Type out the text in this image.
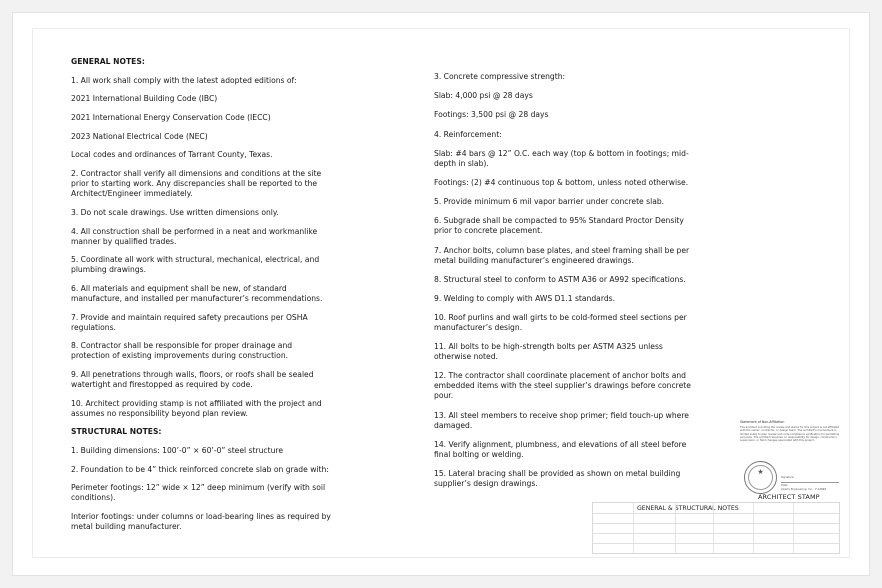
GENERAL NOTES:

1. All work shall comply with the latest adopted editions of:

2021 International Building Code (IBC)

2021 International Energy Conservation Code (IECC)

2023 National Electrical Code (NEC)

Local codes and ordinances of Tarrant County, Texas.

2. Contractor shall verify all dimensions and conditions at the site prior to starting work. Any discrepancies shall be reported to the Architect/Engineer immediately.

3. Do not scale drawings. Use written dimensions only.

4. All construction shall be performed in a neat and workmanlike manner by qualified trades.

5. Coordinate all work with structural, mechanical, electrical, and plumbing drawings.

6. All materials and equipment shall be new, of standard manufacture, and installed per manufacturer’s recommendations.

7. Provide and maintain required safety precautions per OSHA regulations.

8. Contractor shall be responsible for proper drainage and protection of existing improvements during construction.

9. All penetrations through walls, floors, or roofs shall be sealed watertight and firestopped as required by code.

10. Architect providing stamp is not affiliated with the project and assumes no responsibility beyond plan review.

STRUCTURAL NOTES:

1. Building dimensions: 100’-0” × 60’-0” steel structure

2. Foundation to be 4” thick reinforced concrete slab on grade with:

Perimeter footings: 12” wide × 12” deep minimum (verify with soil conditions).

Interior footings: under columns or load-bearing lines as required by metal building manufacturer.

3. Concrete compressive strength:

Slab: 4,000 psi @ 28 days

Footings: 3,500 psi @ 28 days

4. Reinforcement:

Slab: #4 bars @ 12” O.C. each way (top & bottom in footings; mid-depth in slab).

Footings: (2) #4 continuous top & bottom, unless noted otherwise.

5. Provide minimum 6 mil vapor barrier under concrete slab.

6. Subgrade shall be compacted to 95% Standard Proctor Density prior to concrete placement.

7. Anchor bolts, column base plates, and steel framing shall be per metal building manufacturer’s engineered drawings.

8. Structural steel to conform to ASTM A36 or A992 specifications.

9. Welding to comply with AWS D1.1 standards.

10. Roof purlins and wall girts to be cold-formed steel sections per manufacturer’s design.

11. All bolts to be high-strength bolts per ASTM A325 unless otherwise noted.

12. The contractor shall coordinate placement of anchor bolts and embedded items with the steel supplier’s drawings before concrete pour.

13. All steel members to receive shop primer; field touch-up where damaged.

14. Verify alignment, plumbness, and elevations of all steel before final bolting or welding.

15. Lateral bracing shall be provided as shown on metal building supplier’s design drawings.

Statement of Non-Affiliation
The architect providing the review and stamp for this project is not affiliated with the owner, contractor, or design team. The architect's involvement is limited solely to plan review and code compliance verification for permitting purposes. The architect assumes no responsibility for design, construction, supervision, or field changes associated with this project.
★
Signature:
Date:
Liberty Engineering, Inc. - F-12668
ARCHITECT STAMP
GENERAL & STRUCTURAL NOTES
